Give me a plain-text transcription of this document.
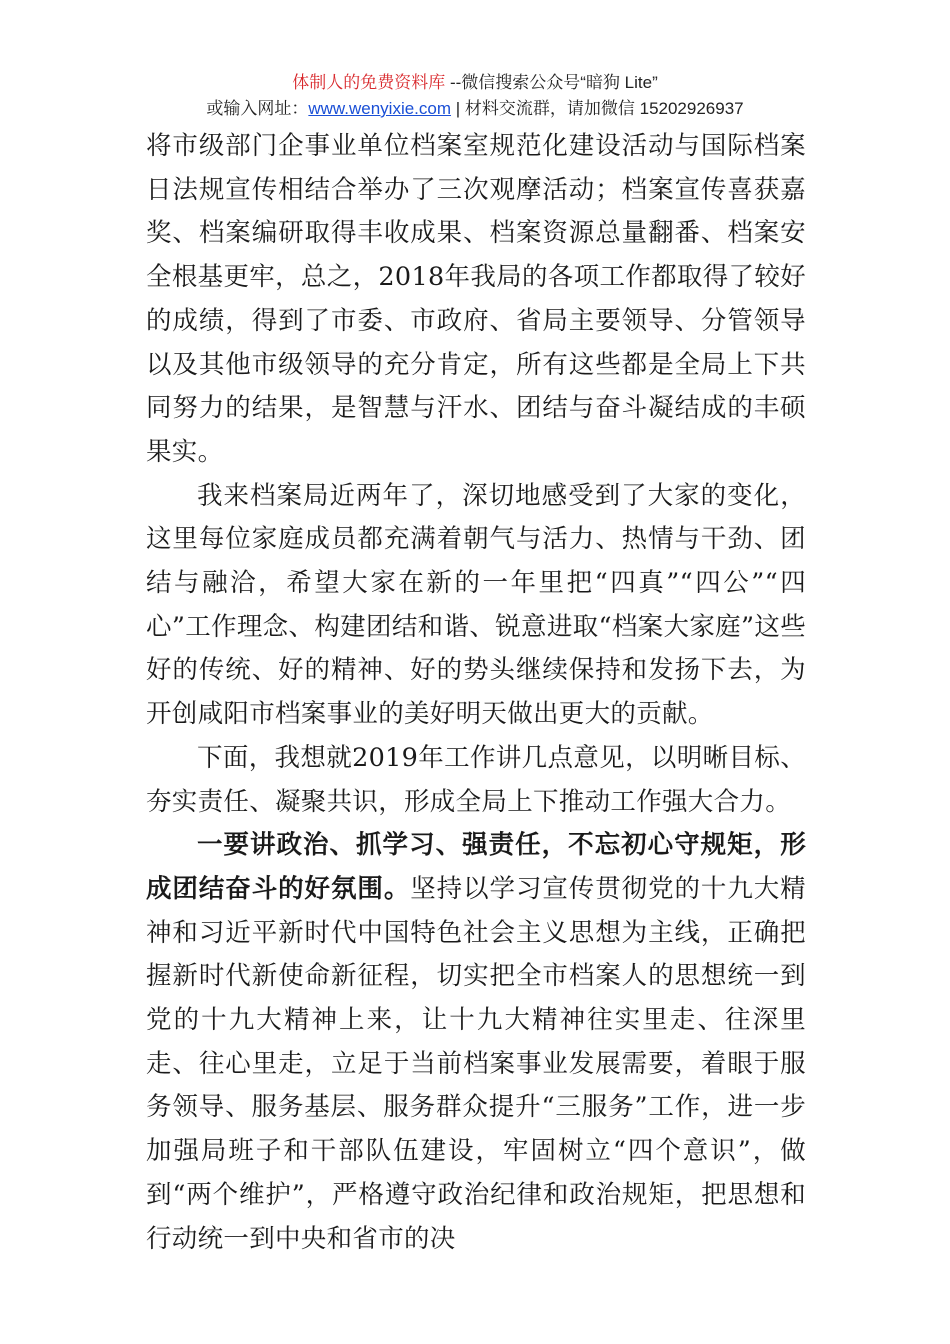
体制人的免费资料库 --微信搜索公众号“暗狗 Lite”
或输入网址：www.wenyixie.com | 材料交流群，请加微信 15202926937

将市级部门企事业单位档案室规范化建设活动与国际档案日法规宣传相结合举办了三次观摩活动；档案宣传喜获嘉奖、档案编研取得丰收成果、档案资源总量翻番、档案安全根基更牢，总之，2018年我局的各项工作都取得了较好的成绩，得到了市委、市政府、省局主要领导、分管领导以及其他市级领导的充分肯定，所有这些都是全局上下共同努力的结果，是智慧与汗水、团结与奋斗凝结成的丰硕果实。

我来档案局近两年了，深切地感受到了大家的变化，这里每位家庭成员都充满着朝气与活力、热情与干劲、团结与融洽，希望大家在新的一年里把“四真”“四公”“四心”工作理念、构建团结和谐、锐意进取“档案大家庭”这些好的传统、好的精神、好的势头继续保持和发扬下去，为开创咸阳市档案事业的美好明天做出更大的贡献。

下面，我想就2019年工作讲几点意见，以明晰目标、夯实责任、凝聚共识，形成全局上下推动工作强大合力。

一要讲政治、抓学习、强责任，不忘初心守规矩，形成团结奋斗的好氛围。坚持以学习宣传贯彻党的十九大精神和习近平新时代中国特色社会主义思想为主线，正确把握新时代新使命新征程，切实把全市档案人的思想统一到党的十九大精神上来，让十九大精神往实里走、往深里走、往心里走，立足于当前档案事业发展需要，着眼于服务领导、服务基层、服务群众提升“三服务”工作，进一步加强局班子和干部队伍建设，牢固树立“四个意识”，做到“两个维护”，严格遵守政治纪律和政治规矩，把思想和行动统一到中央和省市的决
